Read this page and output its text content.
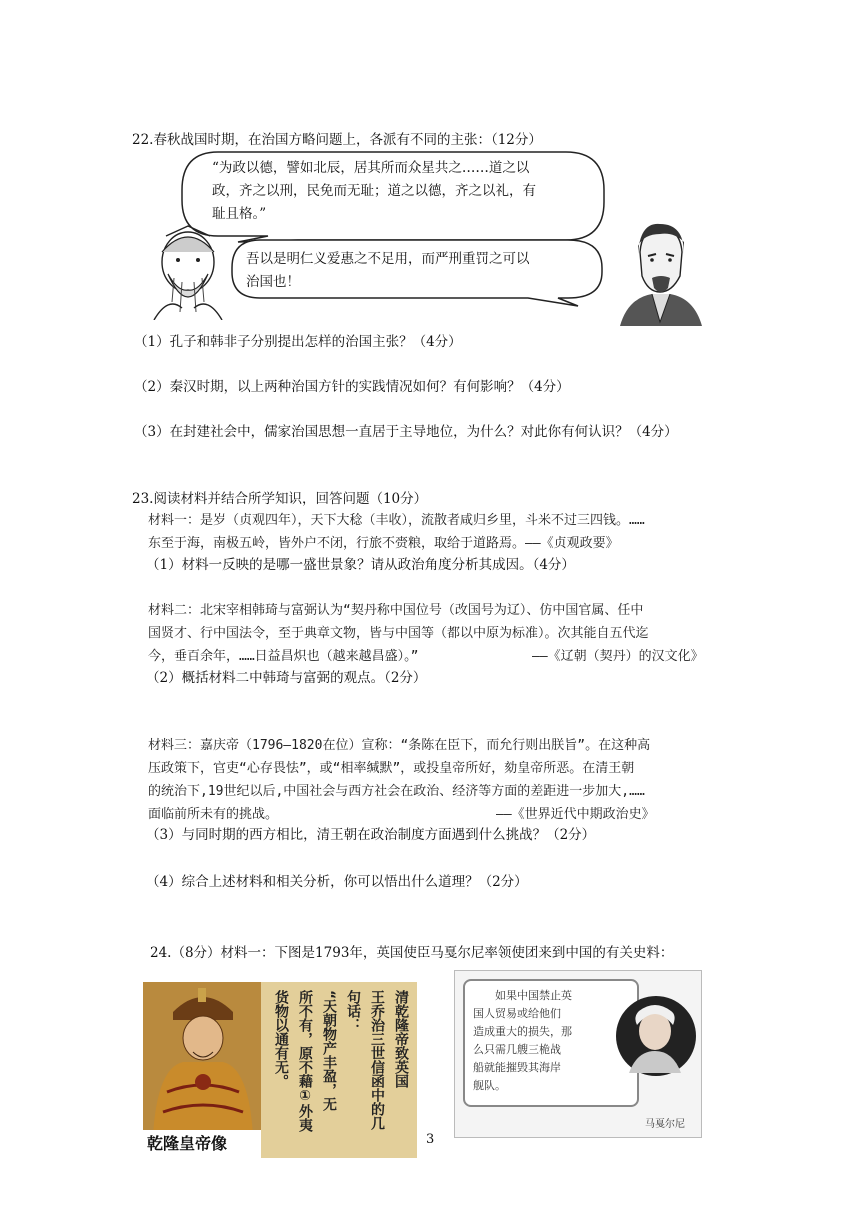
22.春秋战国时期，在治国方略问题上，各派有不同的主张：（12分）
“为政以德，譬如北辰，居其所而众星共之……道之以
政，齐之以刑，民免而无耻；道之以德，齐之以礼，有
耻且格。”
吾以是明仁义爱惠之不足用，而严刑重罚之可以
治国也！
（1）孔子和韩非子分别提出怎样的治国主张？（4分）
（2）秦汉时期，以上两种治国方针的实践情况如何？有何影响？（4分）
（3）在封建社会中，儒家治国思想一直居于主导地位，为什么？对此你有何认识？（4分）
23.阅读材料并结合所学知识，回答问题（10分）
材料一：是岁（贞观四年），天下大稔（丰收），流散者咸归乡里，斗米不过三四钱。……
东至于海，南极五岭，皆外户不闭，行旅不赍粮，取给于道路焉。——《贞观政要》
（1）材料一反映的是哪一盛世景象？请从政治角度分析其成因。（4分）
材料二：北宋宰相韩琦与富弼认为“契丹称中国位号（改国号为辽）、仿中国官属、任中
国贤才、行中国法令，至于典章文物，皆与中国等（都以中原为标准）。次其能自五代迄
今，垂百余年，……日益昌炽也（越来越昌盛）。”	——《辽朝（契丹）的汉文化》
（2）概括材料二中韩琦与富弼的观点。（2分）
材料三：嘉庆帝（1796—1820在位）宣称：“条陈在臣下，而允行则出朕旨”。在这种高
压政策下，官吏“心存畏怯”，或“相率缄默”，或投皇帝所好，劾皇帝所恶。在清王朝
的统治下,19世纪以后,中国社会与西方社会在政治、经济等方面的差距进一步加大,……
面临前所未有的挑战。	——《世界近代中期政治史》
（3）与同时期的西方相比，清王朝在政治制度方面遇到什么挑战？（2分）
（4）综合上述材料和相关分析，你可以悟出什么道理？（2分）
24.（8分）材料一：下图是1793年，英国使臣马戛尔尼率领使团来到中国的有关史料：
乾隆皇帝像
清乾隆帝致英国
王乔治三世信函中的几
句话：
“天朝物产丰盈，无
所不有，原不藉①外夷
货物以通有无。
3
如果中国禁止英
国人贸易或给他们
造成重大的损失，那
么只需几艘三桅战
船就能摧毁其海岸
舰队。
马戛尔尼
